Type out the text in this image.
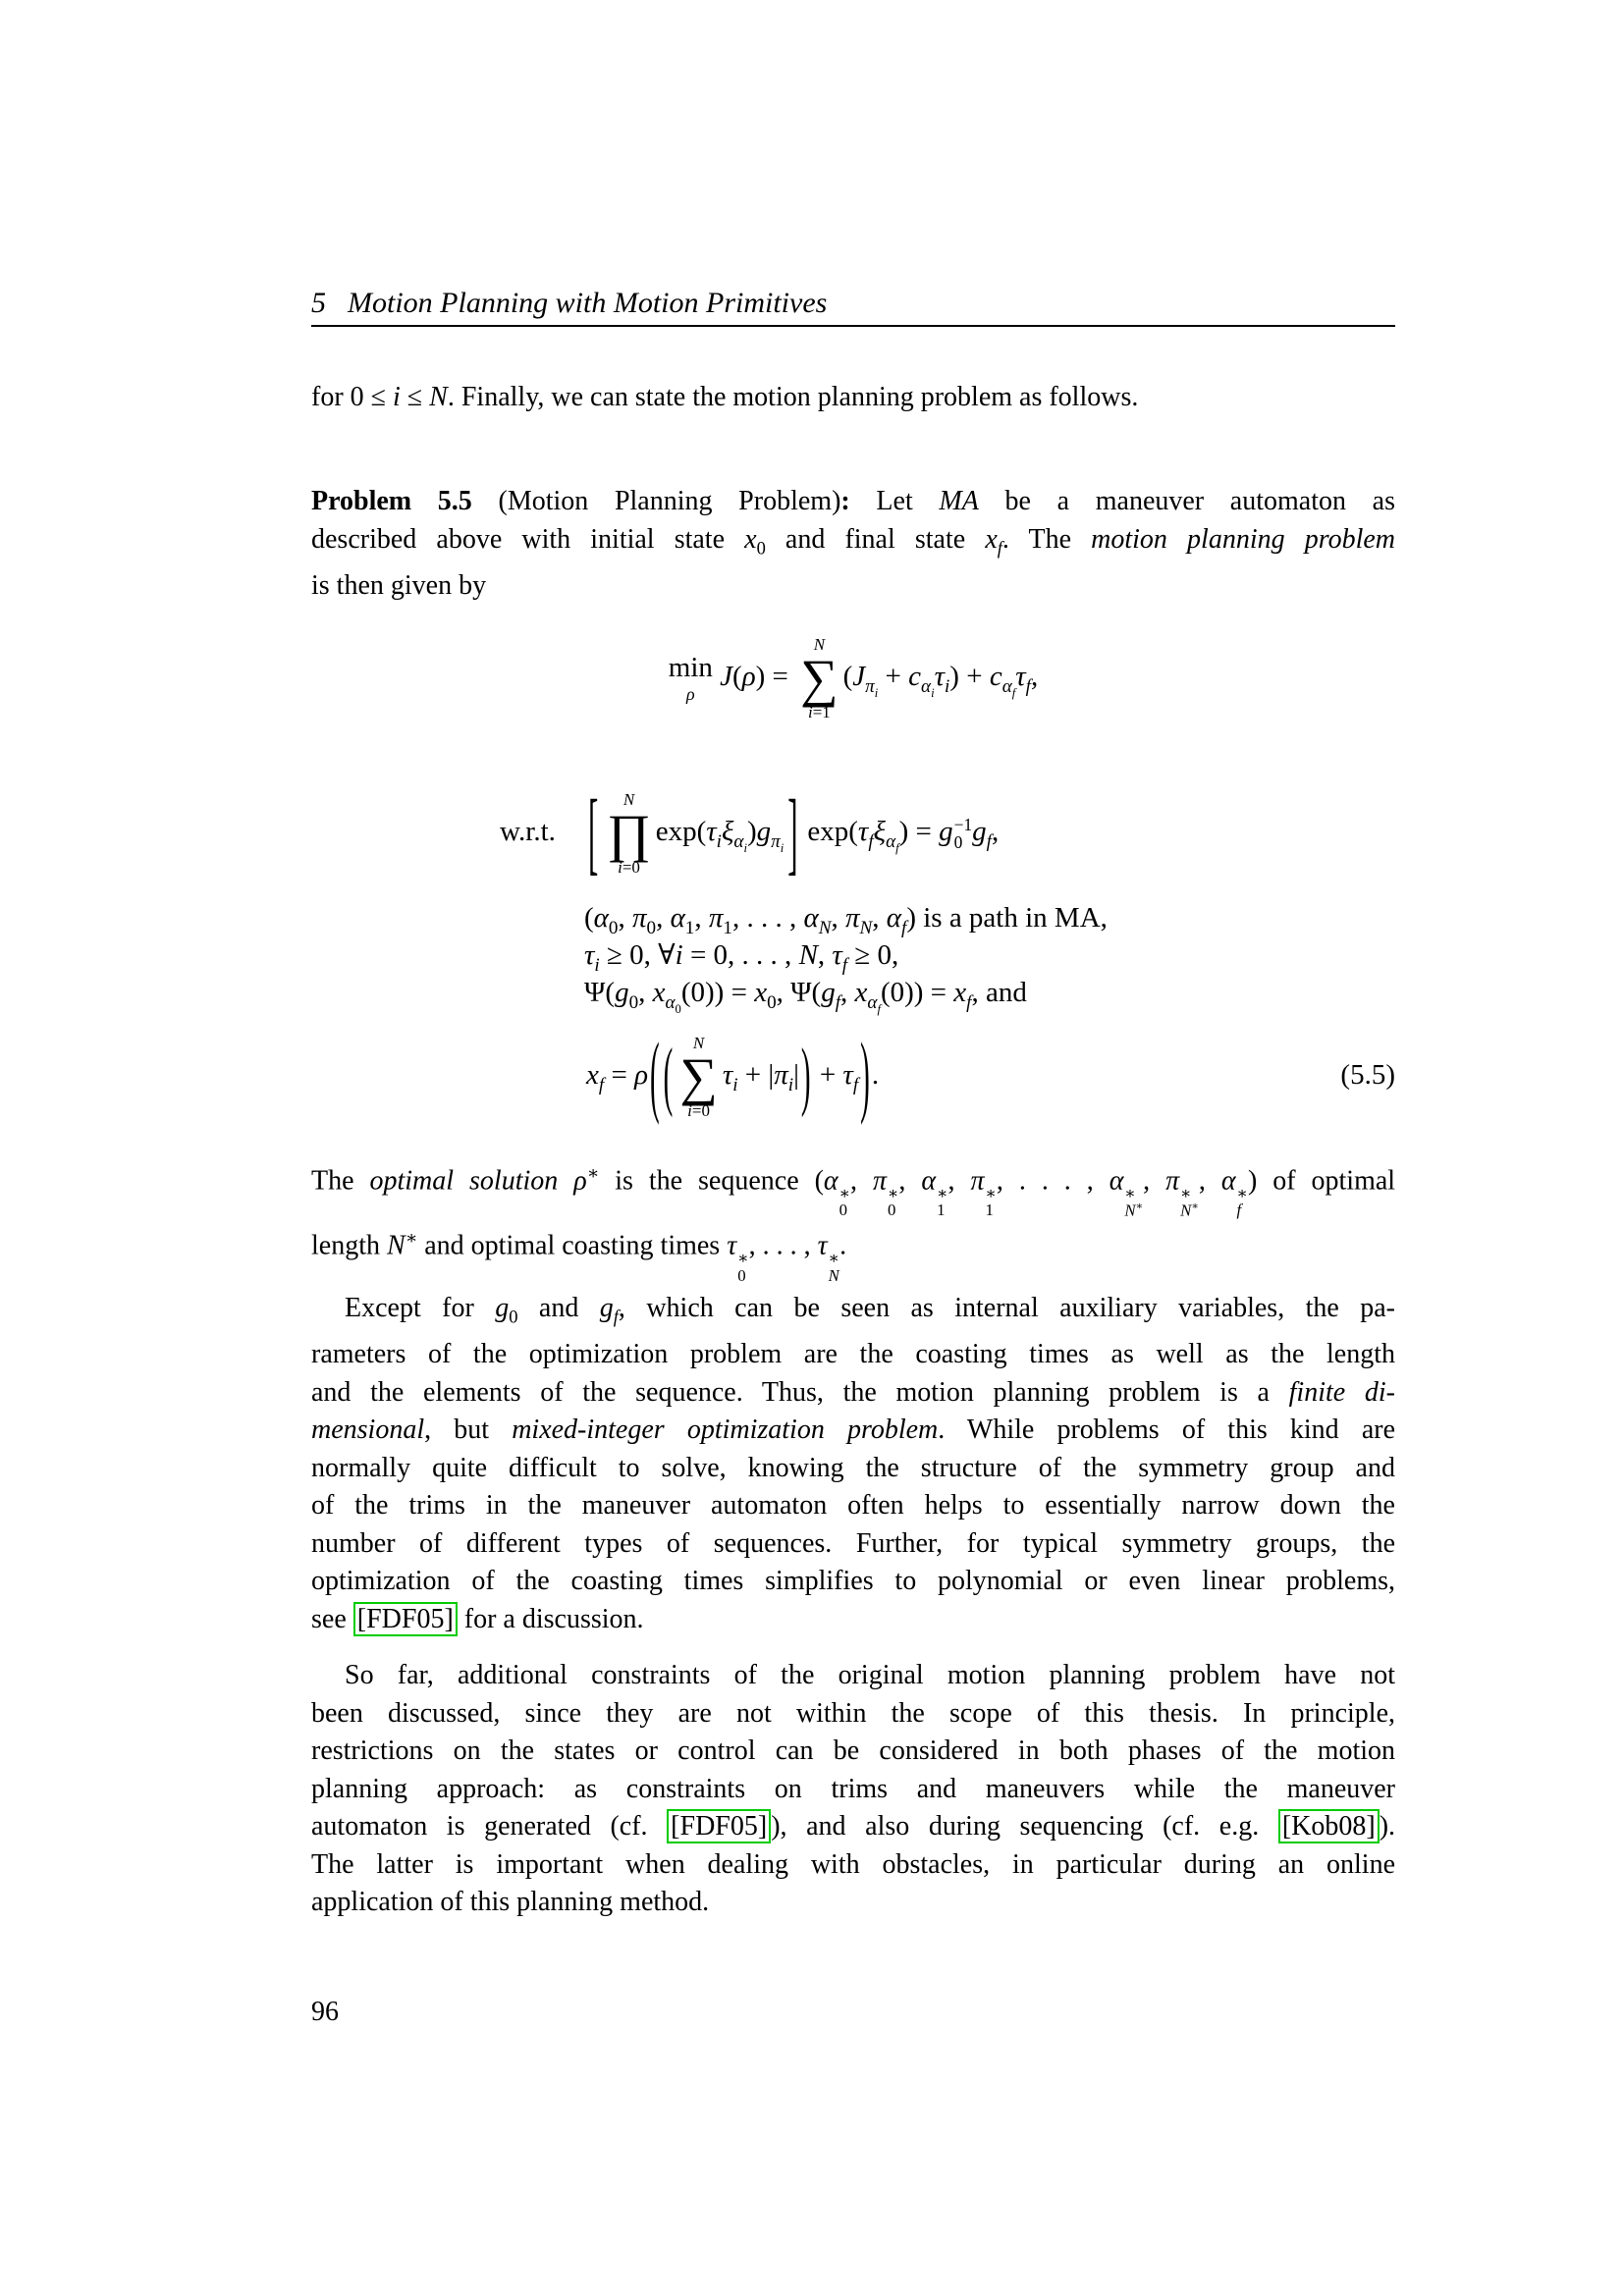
5 Motion Planning with Motion Primitives
for 0 ≤ i ≤ N. Finally, we can state the motion planning problem as follows.
Problem 5.5 (Motion Planning Problem): Let MA be a maneuver automaton as
described above with initial state $x_0$ and final state $x_f$. The motion planning problem
is then given by
min
ρ
J(ρ) =
N
∑
i=1
$(J_{\pi_i} + c_{\alpha_i}\tau_i) + c_{\alpha_f}\tau_f$,
w.r.t. [ N
∏
i=0
$\exp(\tau_i\xi_{\alpha_i})g_{\pi_i}$ ] $\exp(\tau_f\xi_{\alpha_f}) = g -1$
0 $g_f$,
($\alpha_0$, $\pi_0$, $\alpha_1$, $\pi_1$, . . . , $\alpha_N$, $\pi_N$, $\alpha_f$) is a path in MA,
$\tau_i \ge 0$, ∀i = 0, . . . , N, $\tau_f \ge 0$,
$\Psi(g_0$, $x_{\alpha_0}(0)) = x_0$, $\Psi(g_f$, $x_{\alpha_f}(0)) = x_f$, and
$x_f = \rho$( ( N
∑
i=0
$\tau_i + |\pi_i|) + \tau_f$).	(5.5)
The optimal solution ρ∗ is the sequence (α ∗
0
, π ∗
0
, α ∗
1
, π ∗
1
, . . . , α ∗
N∗
, π ∗
N∗
, α ∗
f
) of optimal
length N∗ and optimal coasting times τ ∗
0
, . . . , τ ∗
N
.
Except for $g_0$ and $g_f$, which can be seen as internal auxiliary variables, the pa-
rameters of the optimization problem are the coasting times as well as the length
and the elements of the sequence. Thus, the motion planning problem is a finite di-
mensional, but mixed-integer optimization problem. While problems of this kind are
normally quite difficult to solve, knowing the structure of the symmetry group and
of the trims in the maneuver automaton often helps to essentially narrow down the
number of different types of sequences. Further, for typical symmetry groups, the
optimization of the coasting times simplifies to polynomial or even linear problems,
see [FDF05] for a discussion.
So far, additional constraints of the original motion planning problem have not
been discussed, since they are not within the scope of this thesis. In principle,
restrictions on the states or control can be considered in both phases of the motion
planning approach: as constraints on trims and maneuvers while the maneuver
automaton is generated (cf. [FDF05] ), and also during sequencing (cf. e.g. [Kob08] ).
The latter is important when dealing with obstacles, in particular during an online
application of this planning method.
96
